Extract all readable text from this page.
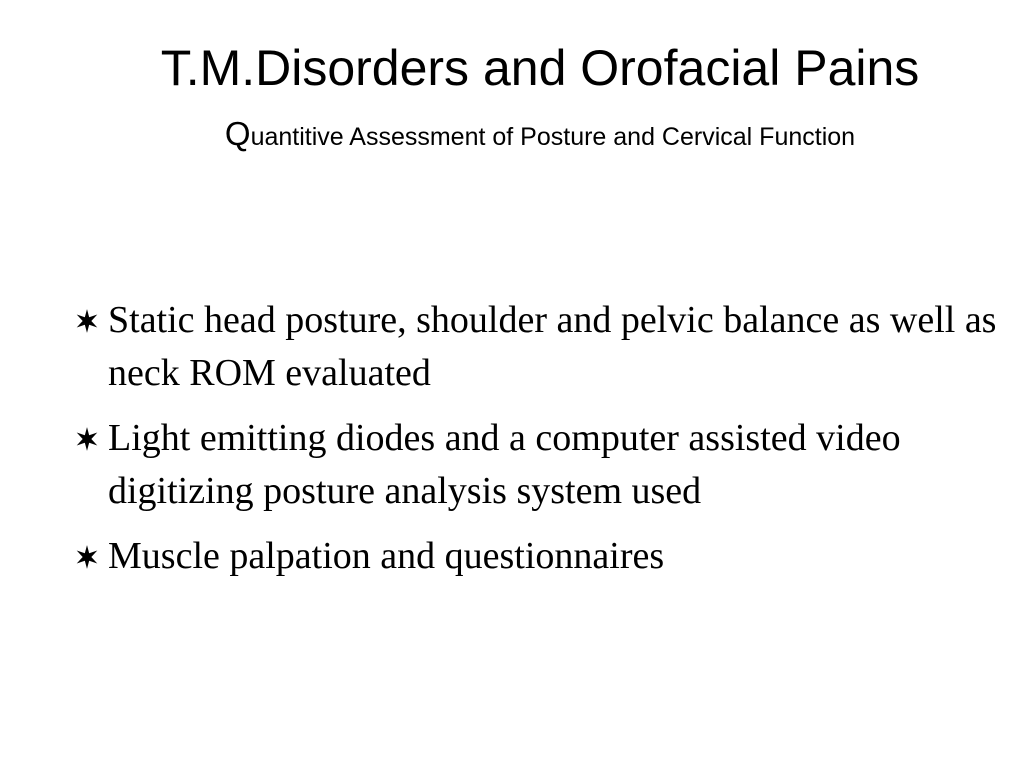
T.M.Disorders and Orofacial Pains
Quantitive Assessment of Posture and Cervical Function
Static head posture, shoulder and pelvic balance as well as neck ROM evaluated
Light emitting diodes and a computer assisted video digitizing posture analysis system used
Muscle palpation and questionnaires
